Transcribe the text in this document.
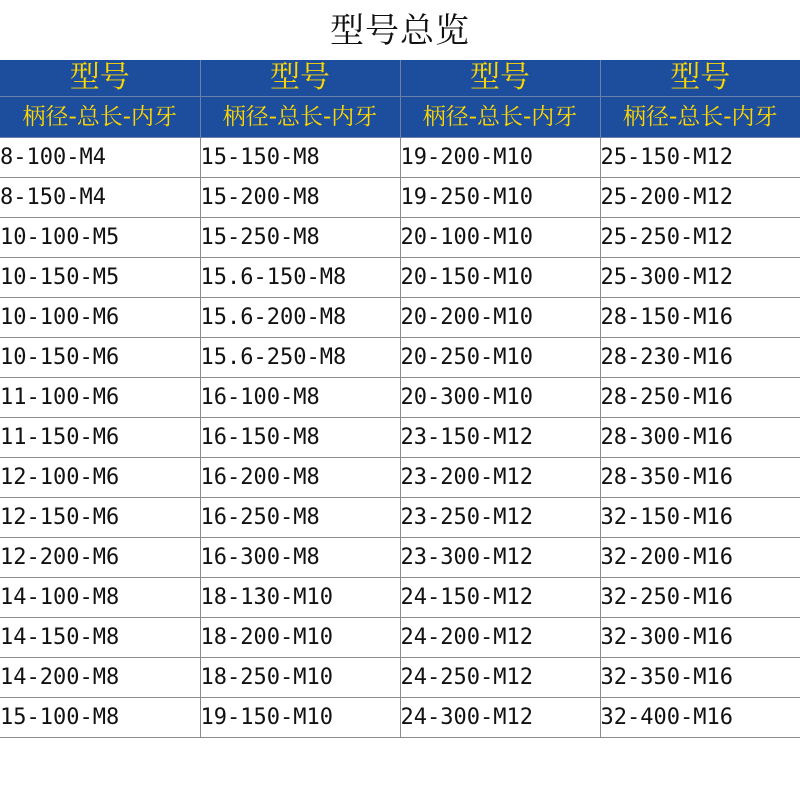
型号总览
型号	型号	型号	型号
柄径-总长-内牙	柄径-总长-内牙	柄径-总长-内牙	柄径-总长-内牙
8-100-M4	15-150-M8	19-200-M10	25-150-M12
8-150-M4	15-200-M8	19-250-M10	25-200-M12
10-100-M5	15-250-M8	20-100-M10	25-250-M12
10-150-M5	15.6-150-M8	20-150-M10	25-300-M12
10-100-M6	15.6-200-M8	20-200-M10	28-150-M16
10-150-M6	15.6-250-M8	20-250-M10	28-230-M16
11-100-M6	16-100-M8	20-300-M10	28-250-M16
11-150-M6	16-150-M8	23-150-M12	28-300-M16
12-100-M6	16-200-M8	23-200-M12	28-350-M16
12-150-M6	16-250-M8	23-250-M12	32-150-M16
12-200-M6	16-300-M8	23-300-M12	32-200-M16
14-100-M8	18-130-M10	24-150-M12	32-250-M16
14-150-M8	18-200-M10	24-200-M12	32-300-M16
14-200-M8	18-250-M10	24-250-M12	32-350-M16
15-100-M8	19-150-M10	24-300-M12	32-400-M16
